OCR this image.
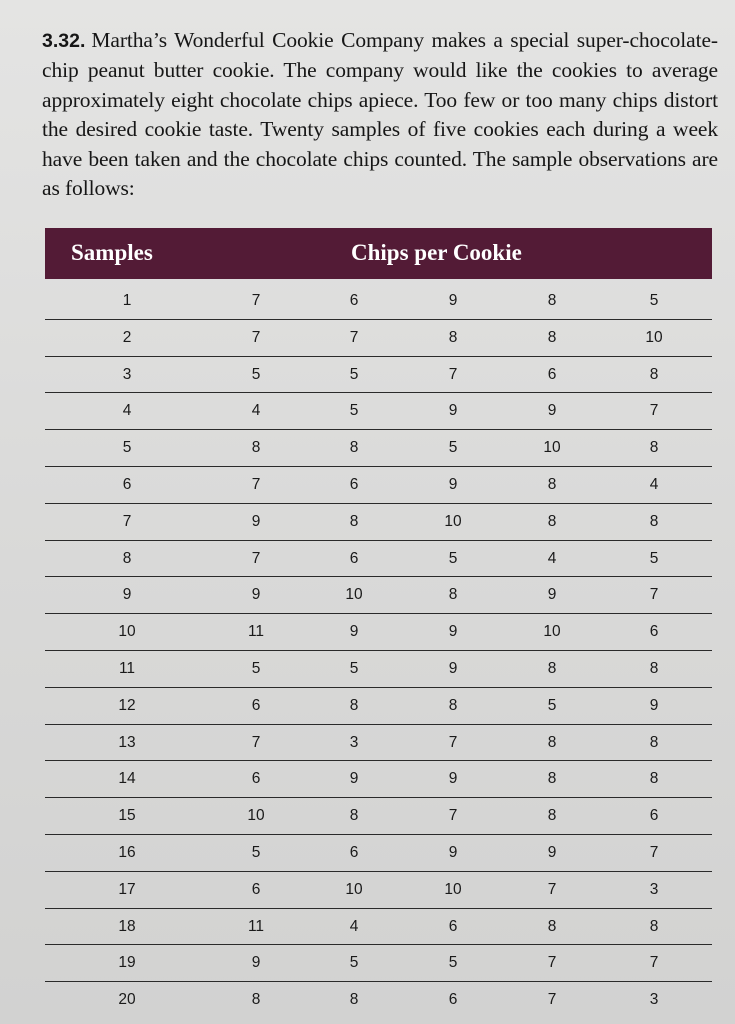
3.32. Martha’s Wonderful Cookie Company makes a special super-chocolate-chip peanut butter cookie. The company would like the cookies to average approximately eight chocolate chips apiece. Too few or too many chips distort the desired cookie taste. Twenty samples of five cookies each during a week have been taken and the chocolate chips counted. The sample observations are as follows:

Samples	Chips per Cookie
1	7	6	9	8	5
2	7	7	8	8	10
3	5	5	7	6	8
4	4	5	9	9	7
5	8	8	5	10	8
6	7	6	9	8	4
7	9	8	10	8	8
8	7	6	5	4	5
9	9	10	8	9	7
10	11	9	9	10	6
11	5	5	9	8	8
12	6	8	8	5	9
13	7	3	7	8	8
14	6	9	9	8	8
15	10	8	7	8	6
16	5	6	9	9	7
17	6	10	10	7	3
18	11	4	6	8	8
19	9	5	5	7	7
20	8	8	6	7	3
